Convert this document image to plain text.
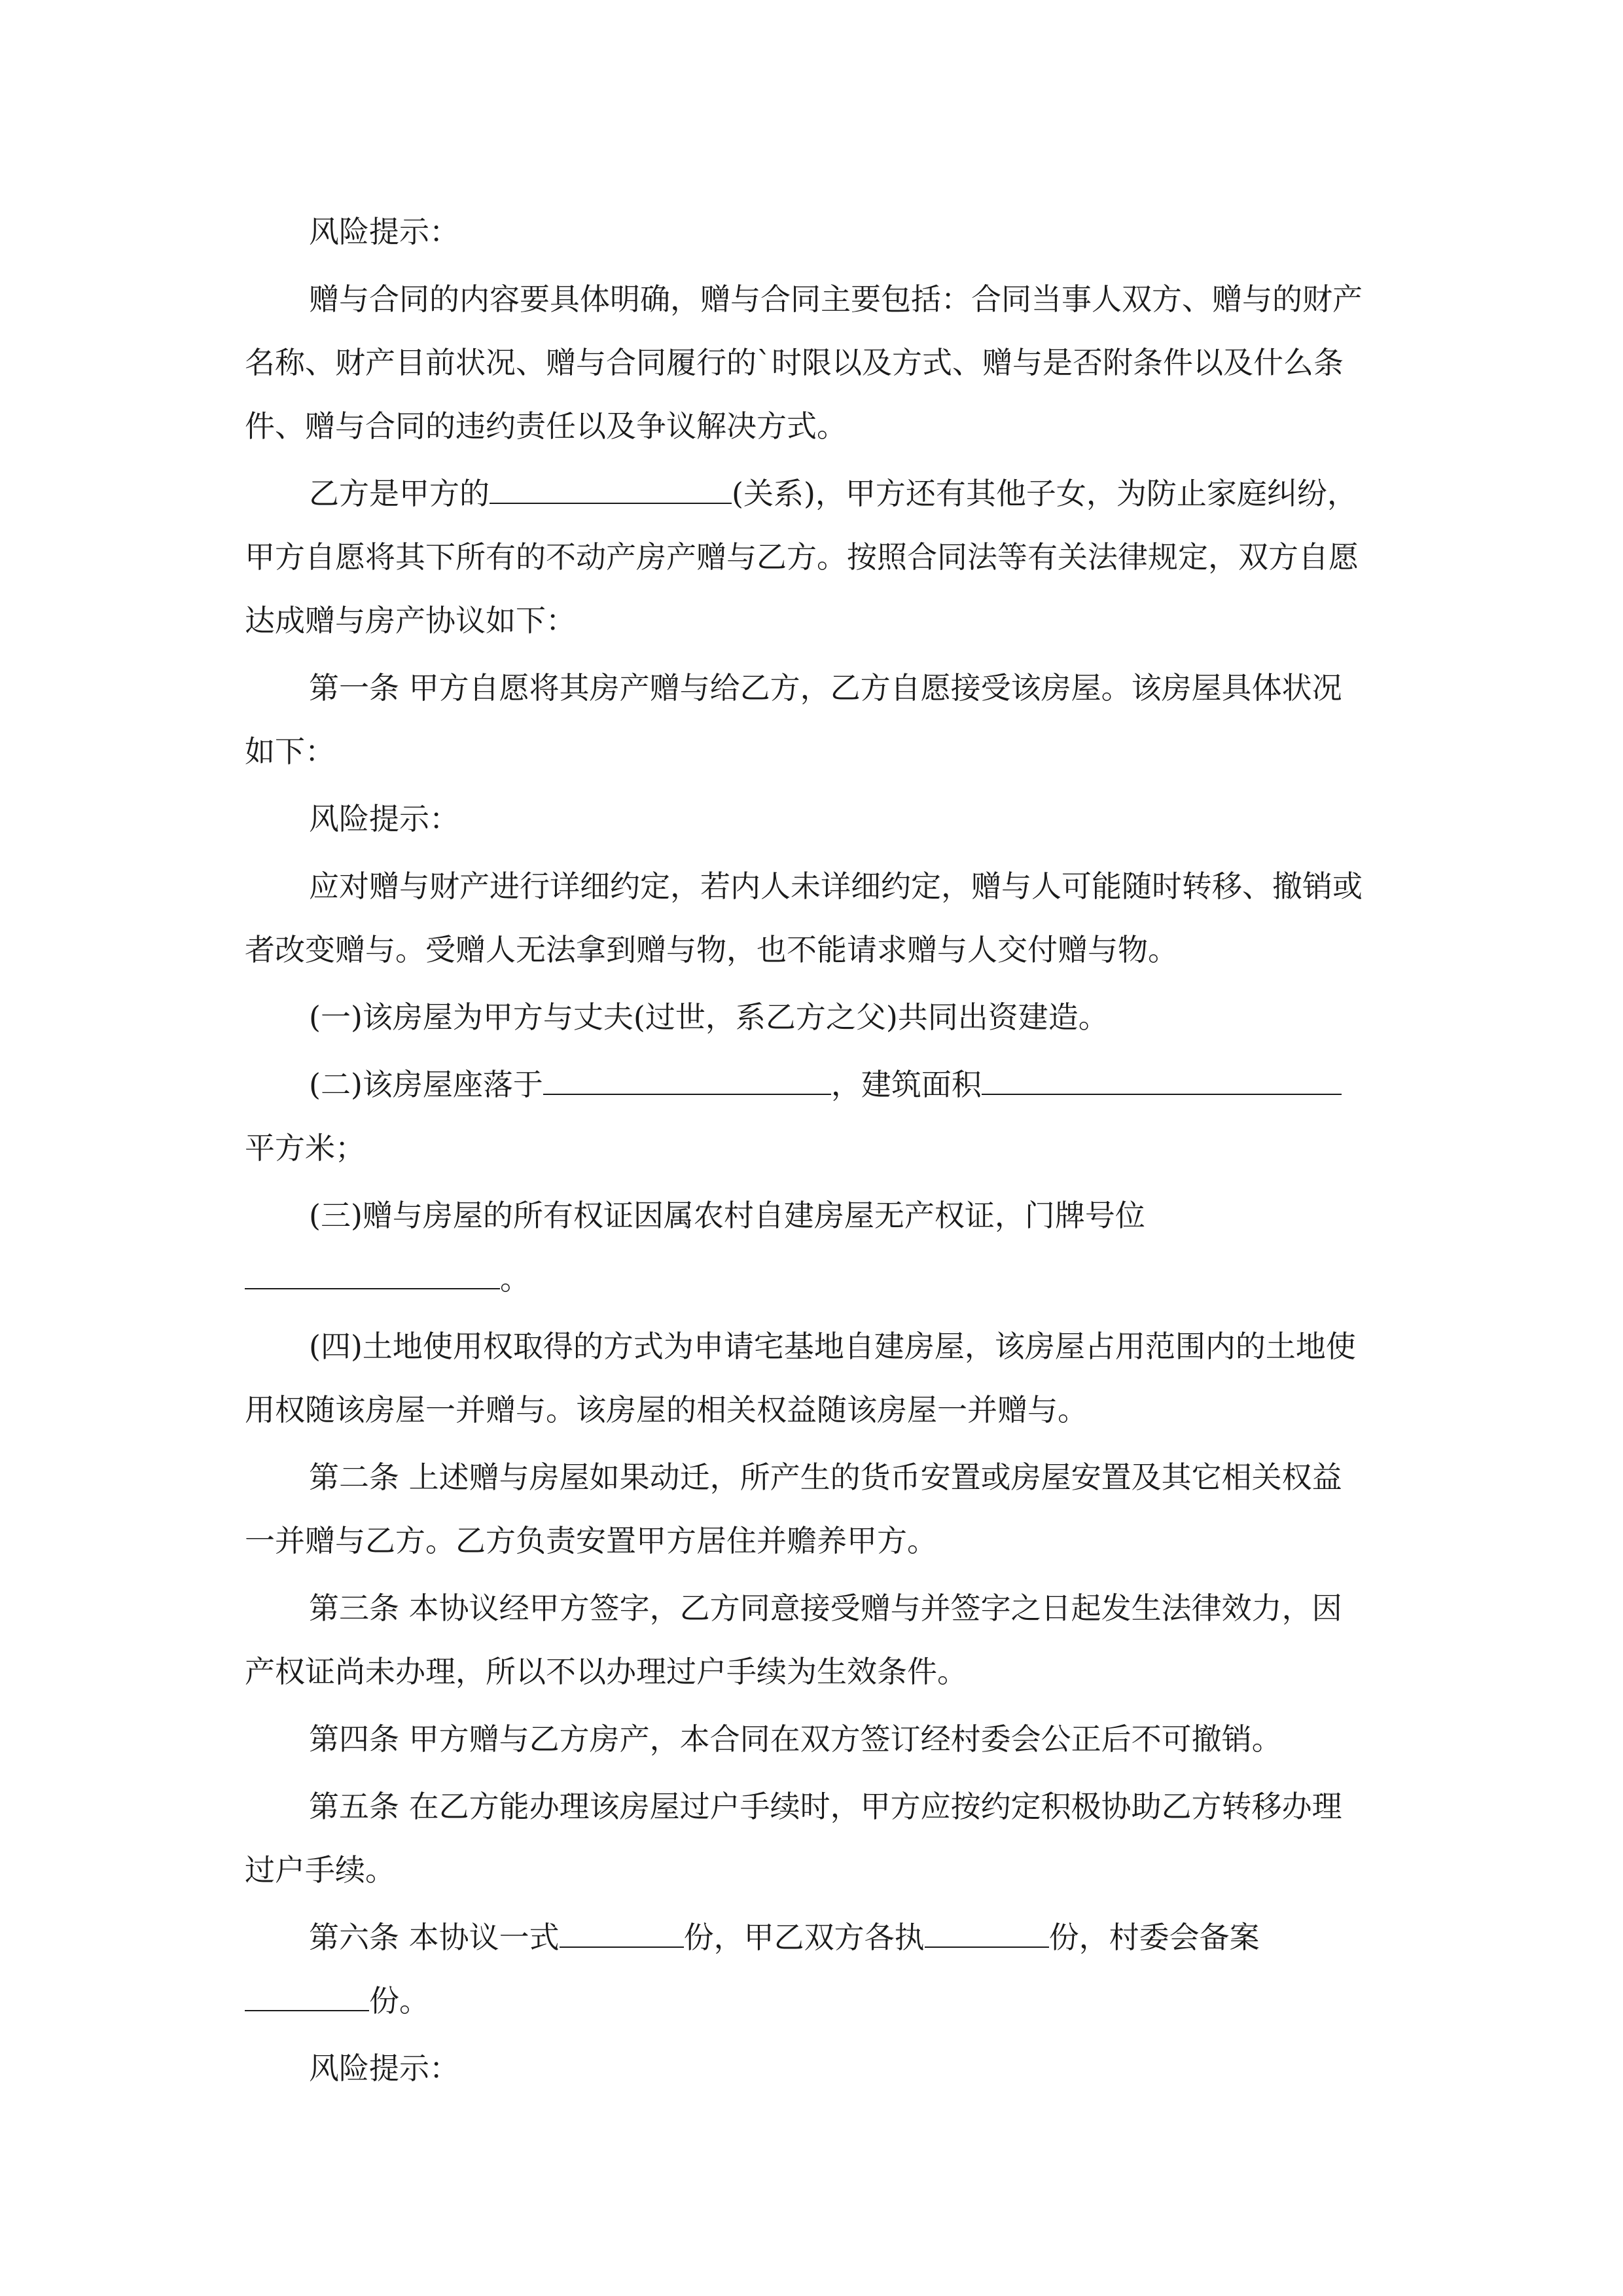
风险提示：

赠与合同的内容要具体明确，赠与合同主要包括：合同当事人双方、赠与的财产名称、财产目前状况、赠与合同履行的`时限以及方式、赠与是否附条件以及什么条件、赠与合同的违约责任以及争议解决方式。

乙方是甲方的	(关系)，甲方还有其他子女，为防止家庭纠纷，甲方自愿将其下所有的不动产房产赠与乙方。按照合同法等有关法律规定，双方自愿达成赠与房产协议如下：

第一条 甲方自愿将其房产赠与给乙方，乙方自愿接受该房屋。该房屋具体状况如下：

风险提示：

应对赠与财产进行详细约定，若内人未详细约定，赠与人可能随时转移、撤销或者改变赠与。受赠人无法拿到赠与物，也不能请求赠与人交付赠与物。

(一)该房屋为甲方与丈夫(过世，系乙方之父)共同出资建造。

(二)该房屋座落于	，建筑面积平方米；

(三)赠与房屋的所有权证因属农村自建房屋无产权证，门牌号位。

(四)土地使用权取得的方式为申请宅基地自建房屋，该房屋占用范围内的土地使用权随该房屋一并赠与。该房屋的相关权益随该房屋一并赠与。

第二条 上述赠与房屋如果动迁，所产生的货币安置或房屋安置及其它相关权益一并赠与乙方。乙方负责安置甲方居住并赡养甲方。

第三条 本协议经甲方签字，乙方同意接受赠与并签字之日起发生法律效力，因产权证尚未办理，所以不以办理过户手续为生效条件。

第四条 甲方赠与乙方房产，本合同在双方签订经村委会公正后不可撤销。

第五条 在乙方能办理该房屋过户手续时，甲方应按约定积极协助乙方转移办理过户手续。

第六条 本协议一式	份，甲乙双方各执	份，村委会备案份。

风险提示：
